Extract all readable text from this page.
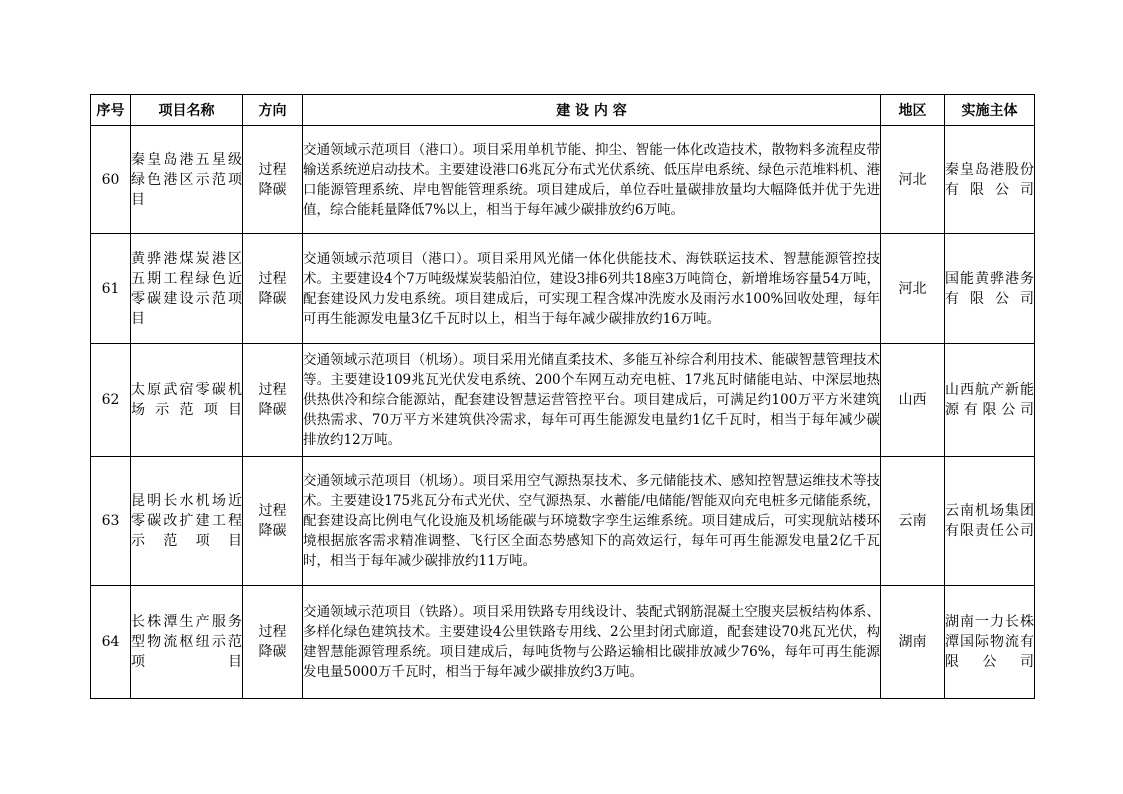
序号	项目名称	方向	建 设 内 容	地区	实施主体
60	秦皇岛港五星级绿色港区示范项目	过程降碳	交通领域示范项目（港口）。项目采用单机节能、抑尘、智能一体化改造技术，散物料多流程皮带输送系统逆启动技术。主要建设港口6兆瓦分布式光伏系统、低压岸电系统、绿色示范堆料机、港口能源管理系统、岸电智能管理系统。项目建成后，单位吞吐量碳排放量均大幅降低并优于先进值，综合能耗量降低7%以上，相当于每年减少碳排放约6万吨。	河北	秦皇岛港股份有限公司
61	黄骅港煤炭港区五期工程绿色近零碳建设示范项目	过程降碳	交通领域示范项目（港口）。项目采用风光储一体化供能技术、海铁联运技术、智慧能源管控技术。主要建设4个7万吨级煤炭装船泊位，建设3排6列共18座3万吨筒仓，新增堆场容量54万吨，配套建设风力发电系统。项目建成后，可实现工程含煤冲洗废水及雨污水100%回收处理，每年可再生能源发电量3亿千瓦时以上，相当于每年减少碳排放约16万吨。	河北	国能黄骅港务有限公司
62	太原武宿零碳机场示范项目	过程降碳	交通领域示范项目（机场）。项目采用光储直柔技术、多能互补综合利用技术、能碳智慧管理技术等。主要建设109兆瓦光伏发电系统、200个车网互动充电桩、17兆瓦时储能电站、中深层地热供热供冷和综合能源站，配套建设智慧运营管控平台。项目建成后，可满足约100万平方米建筑供热需求、70万平方米建筑供冷需求，每年可再生能源发电量约1亿千瓦时，相当于每年减少碳排放约12万吨。	山西	山西航产新能源有限公司
63	昆明长水机场近零碳改扩建工程示范项目	过程降碳	交通领域示范项目（机场）。项目采用空气源热泵技术、多元储能技术、感知控智慧运维技术等技术。主要建设175兆瓦分布式光伏、空气源热泵、水蓄能/电储能/智能双向充电桩多元储能系统，配套建设高比例电气化设施及机场能碳与环境数字孪生运维系统。项目建成后，可实现航站楼环境根据旅客需求精准调整、飞行区全面态势感知下的高效运行，每年可再生能源发电量2亿千瓦时，相当于每年减少碳排放约11万吨。	云南	云南机场集团有限责任公司
64	长株潭生产服务型物流枢纽示范项目	过程降碳	交通领域示范项目（铁路）。项目采用铁路专用线设计、装配式钢筋混凝土空腹夹层板结构体系、多样化绿色建筑技术。主要建设4公里铁路专用线、2公里封闭式廊道，配套建设70兆瓦光伏，构建智慧能源管理系统。项目建成后，每吨货物与公路运输相比碳排放减少76%，每年可再生能源发电量5000万千瓦时，相当于每年减少碳排放约3万吨。	湖南	湖南一力长株潭国际物流有限公司
